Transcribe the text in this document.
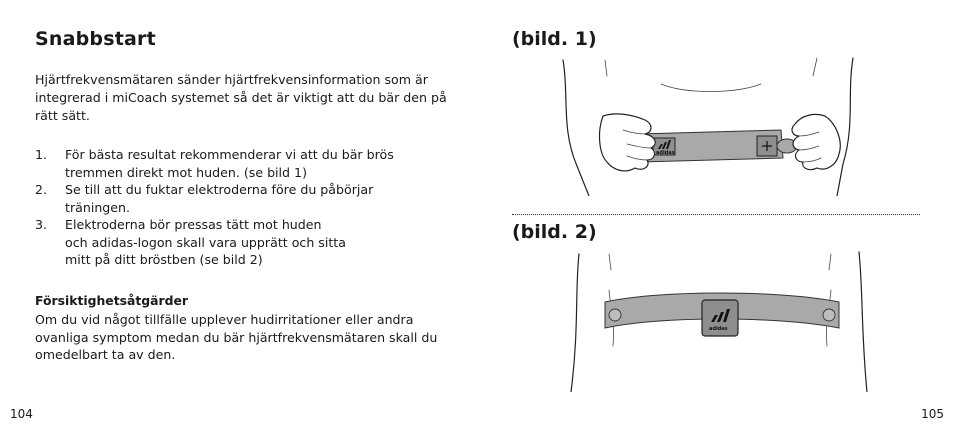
Snabbstart

Hjärtfrekvensmätaren sänder hjärtfrekvensinformation som är integrerad i miCoach systemet så det är viktigt att du bär den på rätt sätt.

1. För bästa resultat rekommenderar vi att du bär brös
tremmen direkt mot huden. (se bild 1)
2. Se till att du fuktar elektroderna före du påbörjar
träningen.
3. Elektroderna bör pressas tätt mot huden
och adidas-logon skall vara upprätt och sitta
mitt på ditt bröstben (se bild 2)

Försiktighetsåtgärder

Om du vid något tillfälle upplever hudirritationer eller andra ovanliga symptom medan du bär hjärtfrekvensmätaren skall du omedelbart ta av den.

104
(bild. 1)
adidas
(bild. 2)
adidas
105
